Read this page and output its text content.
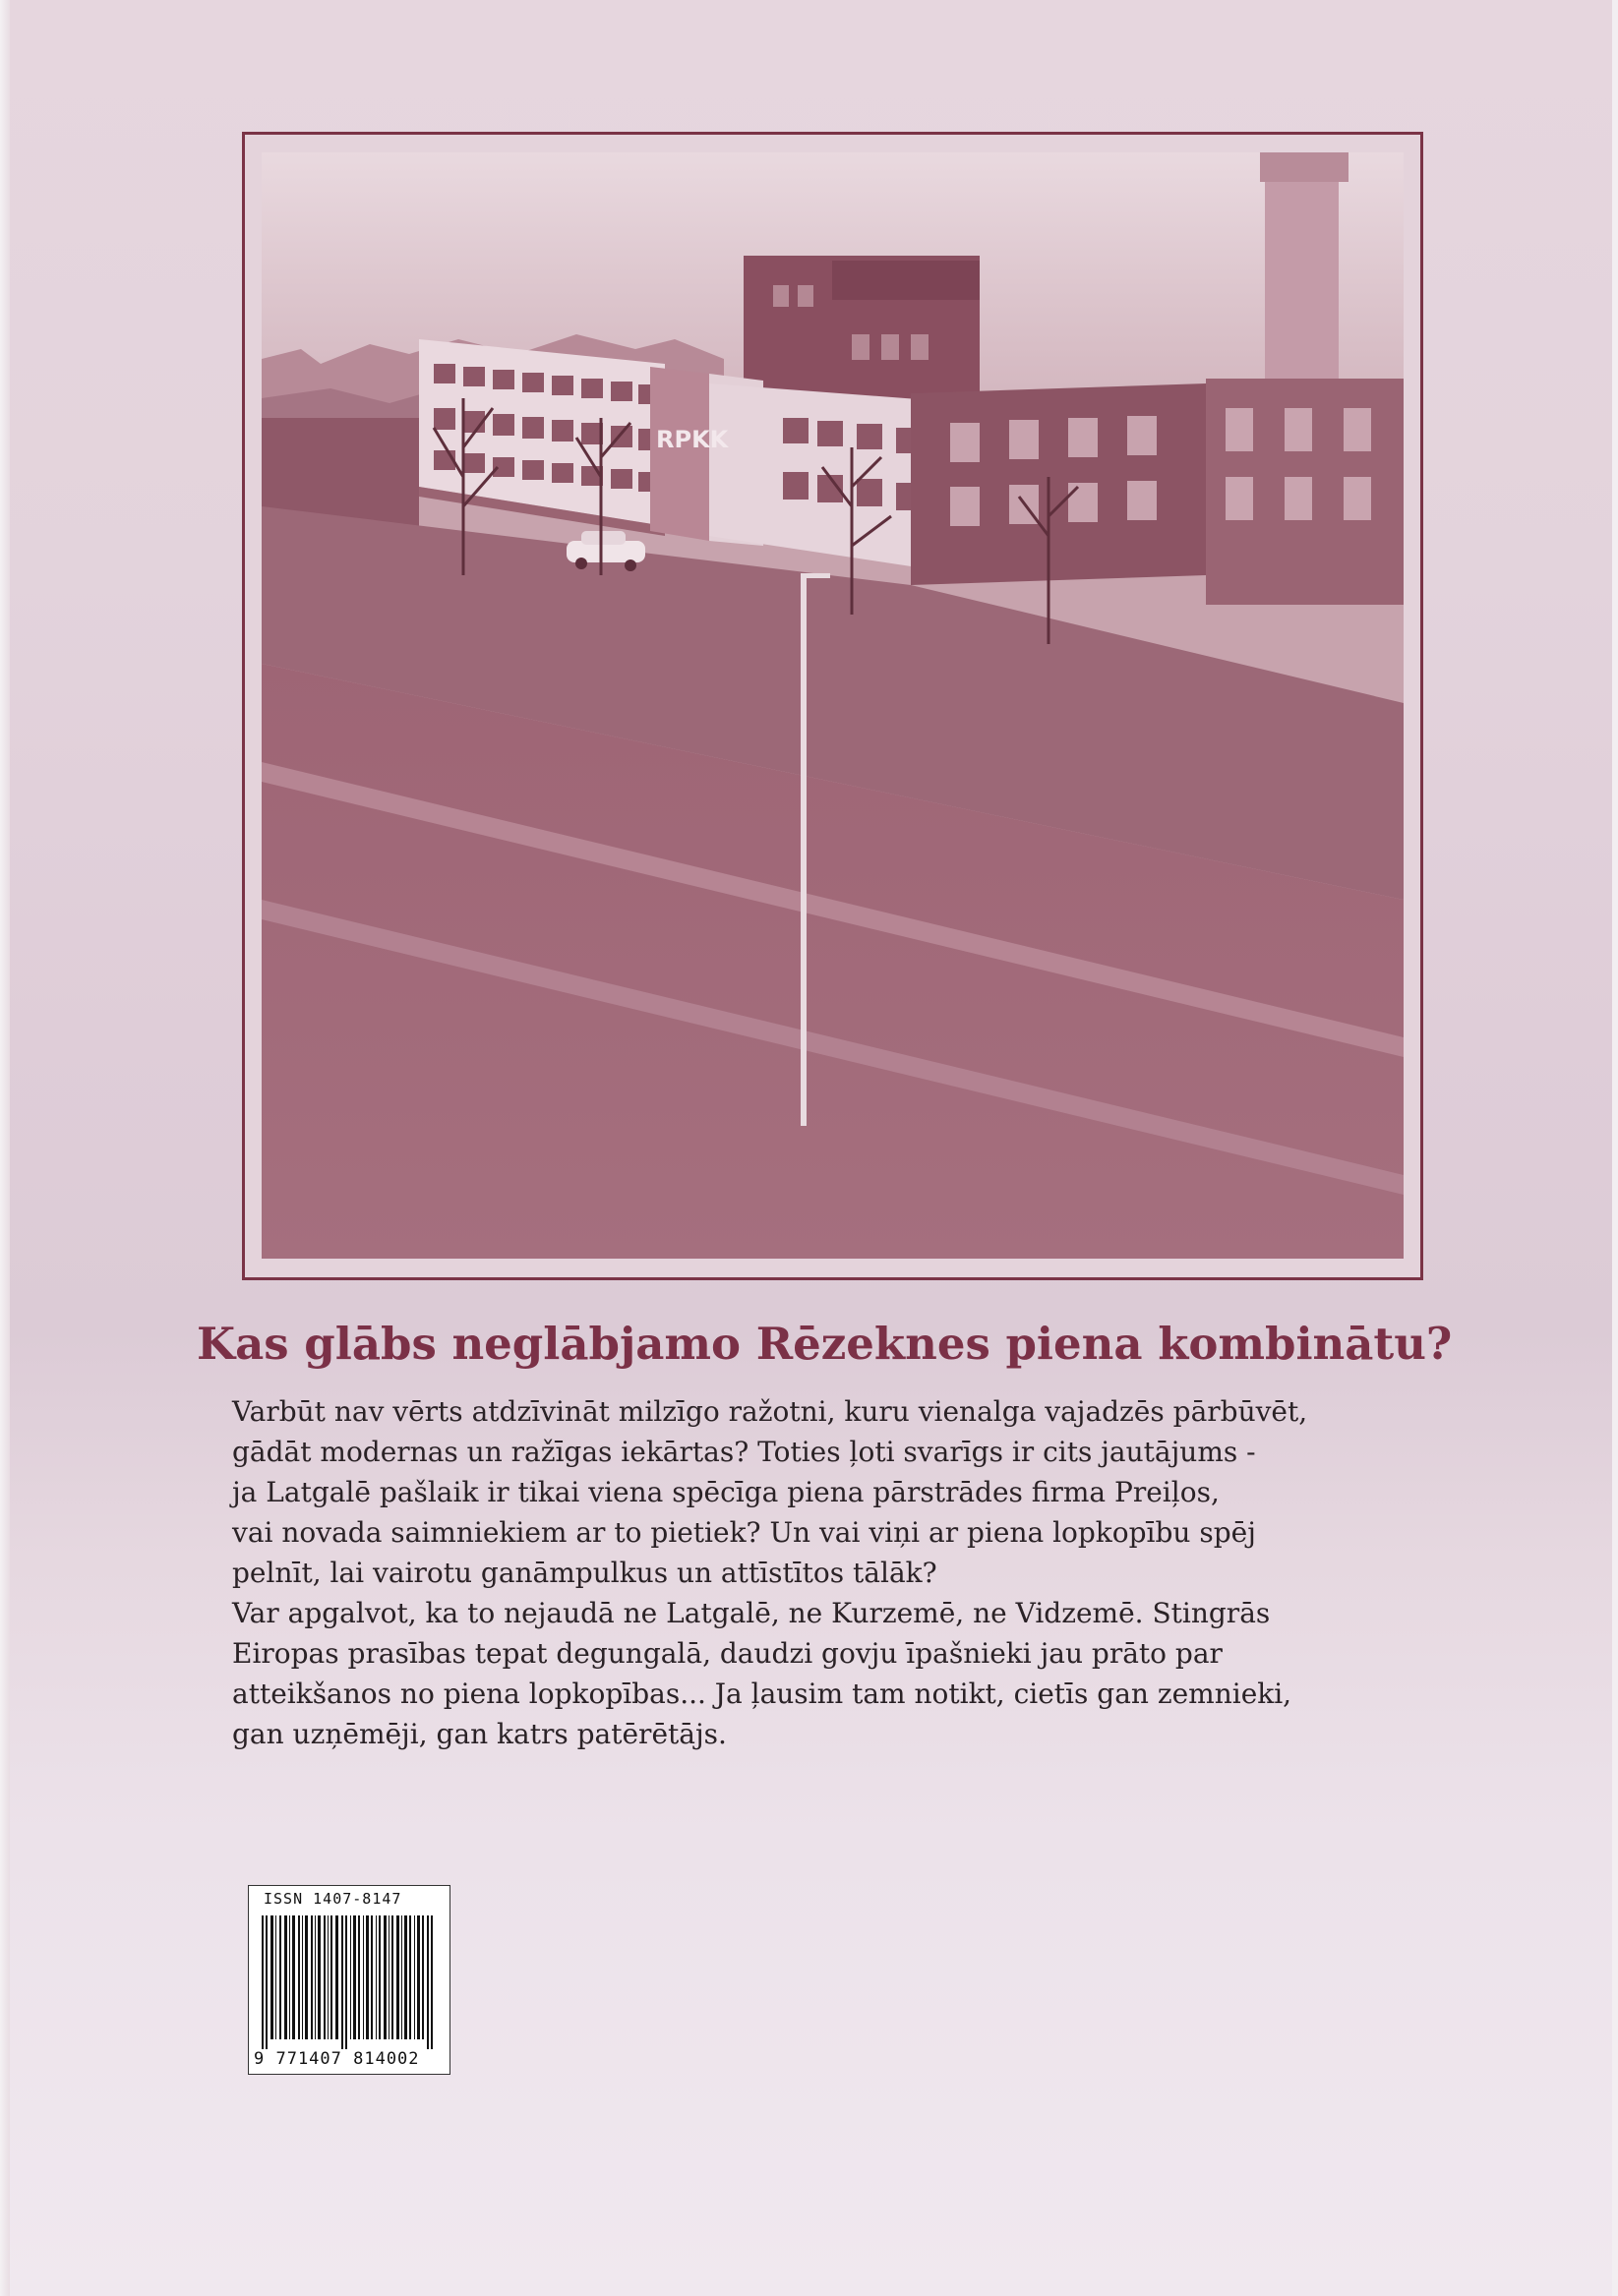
RPKK
Kas glābs neglābjamo Rēzeknes piena kombinātu?
Varbūt nav vērts atdzīvināt milzīgo ražotni, kuru vienalga vajadzēs pārbūvēt,
gādāt modernas un ražīgas iekārtas? Toties ļoti svarīgs ir cits jautājums -
ja Latgalē pašlaik ir tikai viena spēcīga piena pārstrādes firma Preiļos,
vai novada saimniekiem ar to pietiek? Un vai viņi ar piena lopkopību spēj
pelnīt, lai vairotu ganāmpulkus un attīstītos tālāk?
Var apgalvot, ka to nejaudā ne Latgalē, ne Kurzemē, ne Vidzemē. Stingrās
Eiropas prasības tepat degungalā, daudzi govju īpašnieki jau prāto par
atteikšanos no piena lopkopības... Ja ļausim tam notikt, cietīs gan zemnieki,
gan uzņēmēji, gan katrs patērētājs.
ISSN 1407-8147
9 771407 814002
